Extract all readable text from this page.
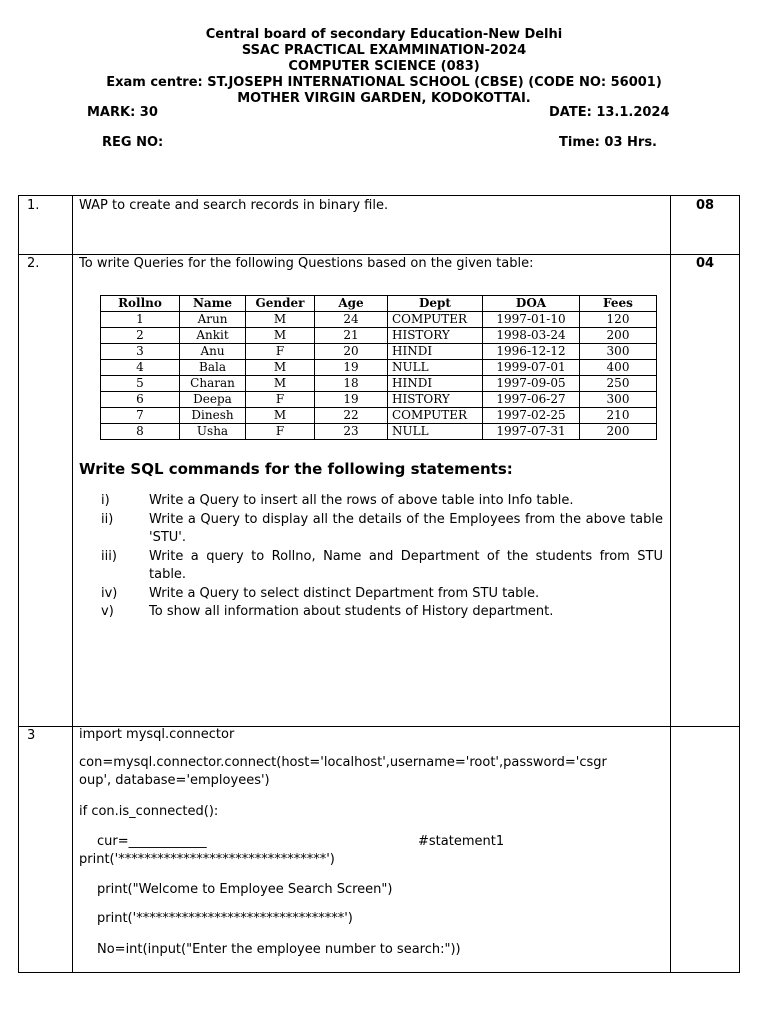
Central board of secondary Education-New Delhi
SSAC PRACTICAL EXAMMINATION-2024
COMPUTER SCIENCE (083)
Exam centre: ST.JOSEPH INTERNATIONAL SCHOOL (CBSE) (CODE NO: 56001)
MOTHER VIRGIN GARDEN, KODOKOTTAI.
MARK: 30	DATE: 13.1.2024
REG NO:	Time: 03 Hrs.
1.	WAP to create and search records in binary file.	08
2.	To write Queries for the following Questions based on the given table:	04
Rollno	Name	Gender	Age	Dept	DOA	Fees
1	Arun	M	24	COMPUTER	1997-01-10	120
2	Ankit	M	21	HISTORY	1998-03-24	200
3	Anu	F	20	HINDI	1996-12-12	300
4	Bala	M	19	NULL	1999-07-01	400
5	Charan	M	18	HINDI	1997-09-05	250
6	Deepa	F	19	HISTORY	1997-06-27	300
7	Dinesh	M	22	COMPUTER	1997-02-25	210
8	Usha	F	23	NULL	1997-07-31	200
Write SQL commands for the following statements:
i)	Write a Query to insert all the rows of above table into Info table.
ii)	Write a Query to display all the details of the Employees from the above table 'STU'.
iii)	Write a query to Rollno, Name and Department of the students from STU table.
iv)	Write a Query to select distinct Department from STU table.
v)	To show all information about students of History department.
3	import mysql.connector
con=mysql.connector.connect(host='localhost',username='root',password='csgr
oup', database='employees')
if con.is_connected():
cur=____________	#statement1
print('********************************')
print("Welcome to Employee Search Screen")
print('********************************')
No=int(input("Enter the employee number to search:"))
